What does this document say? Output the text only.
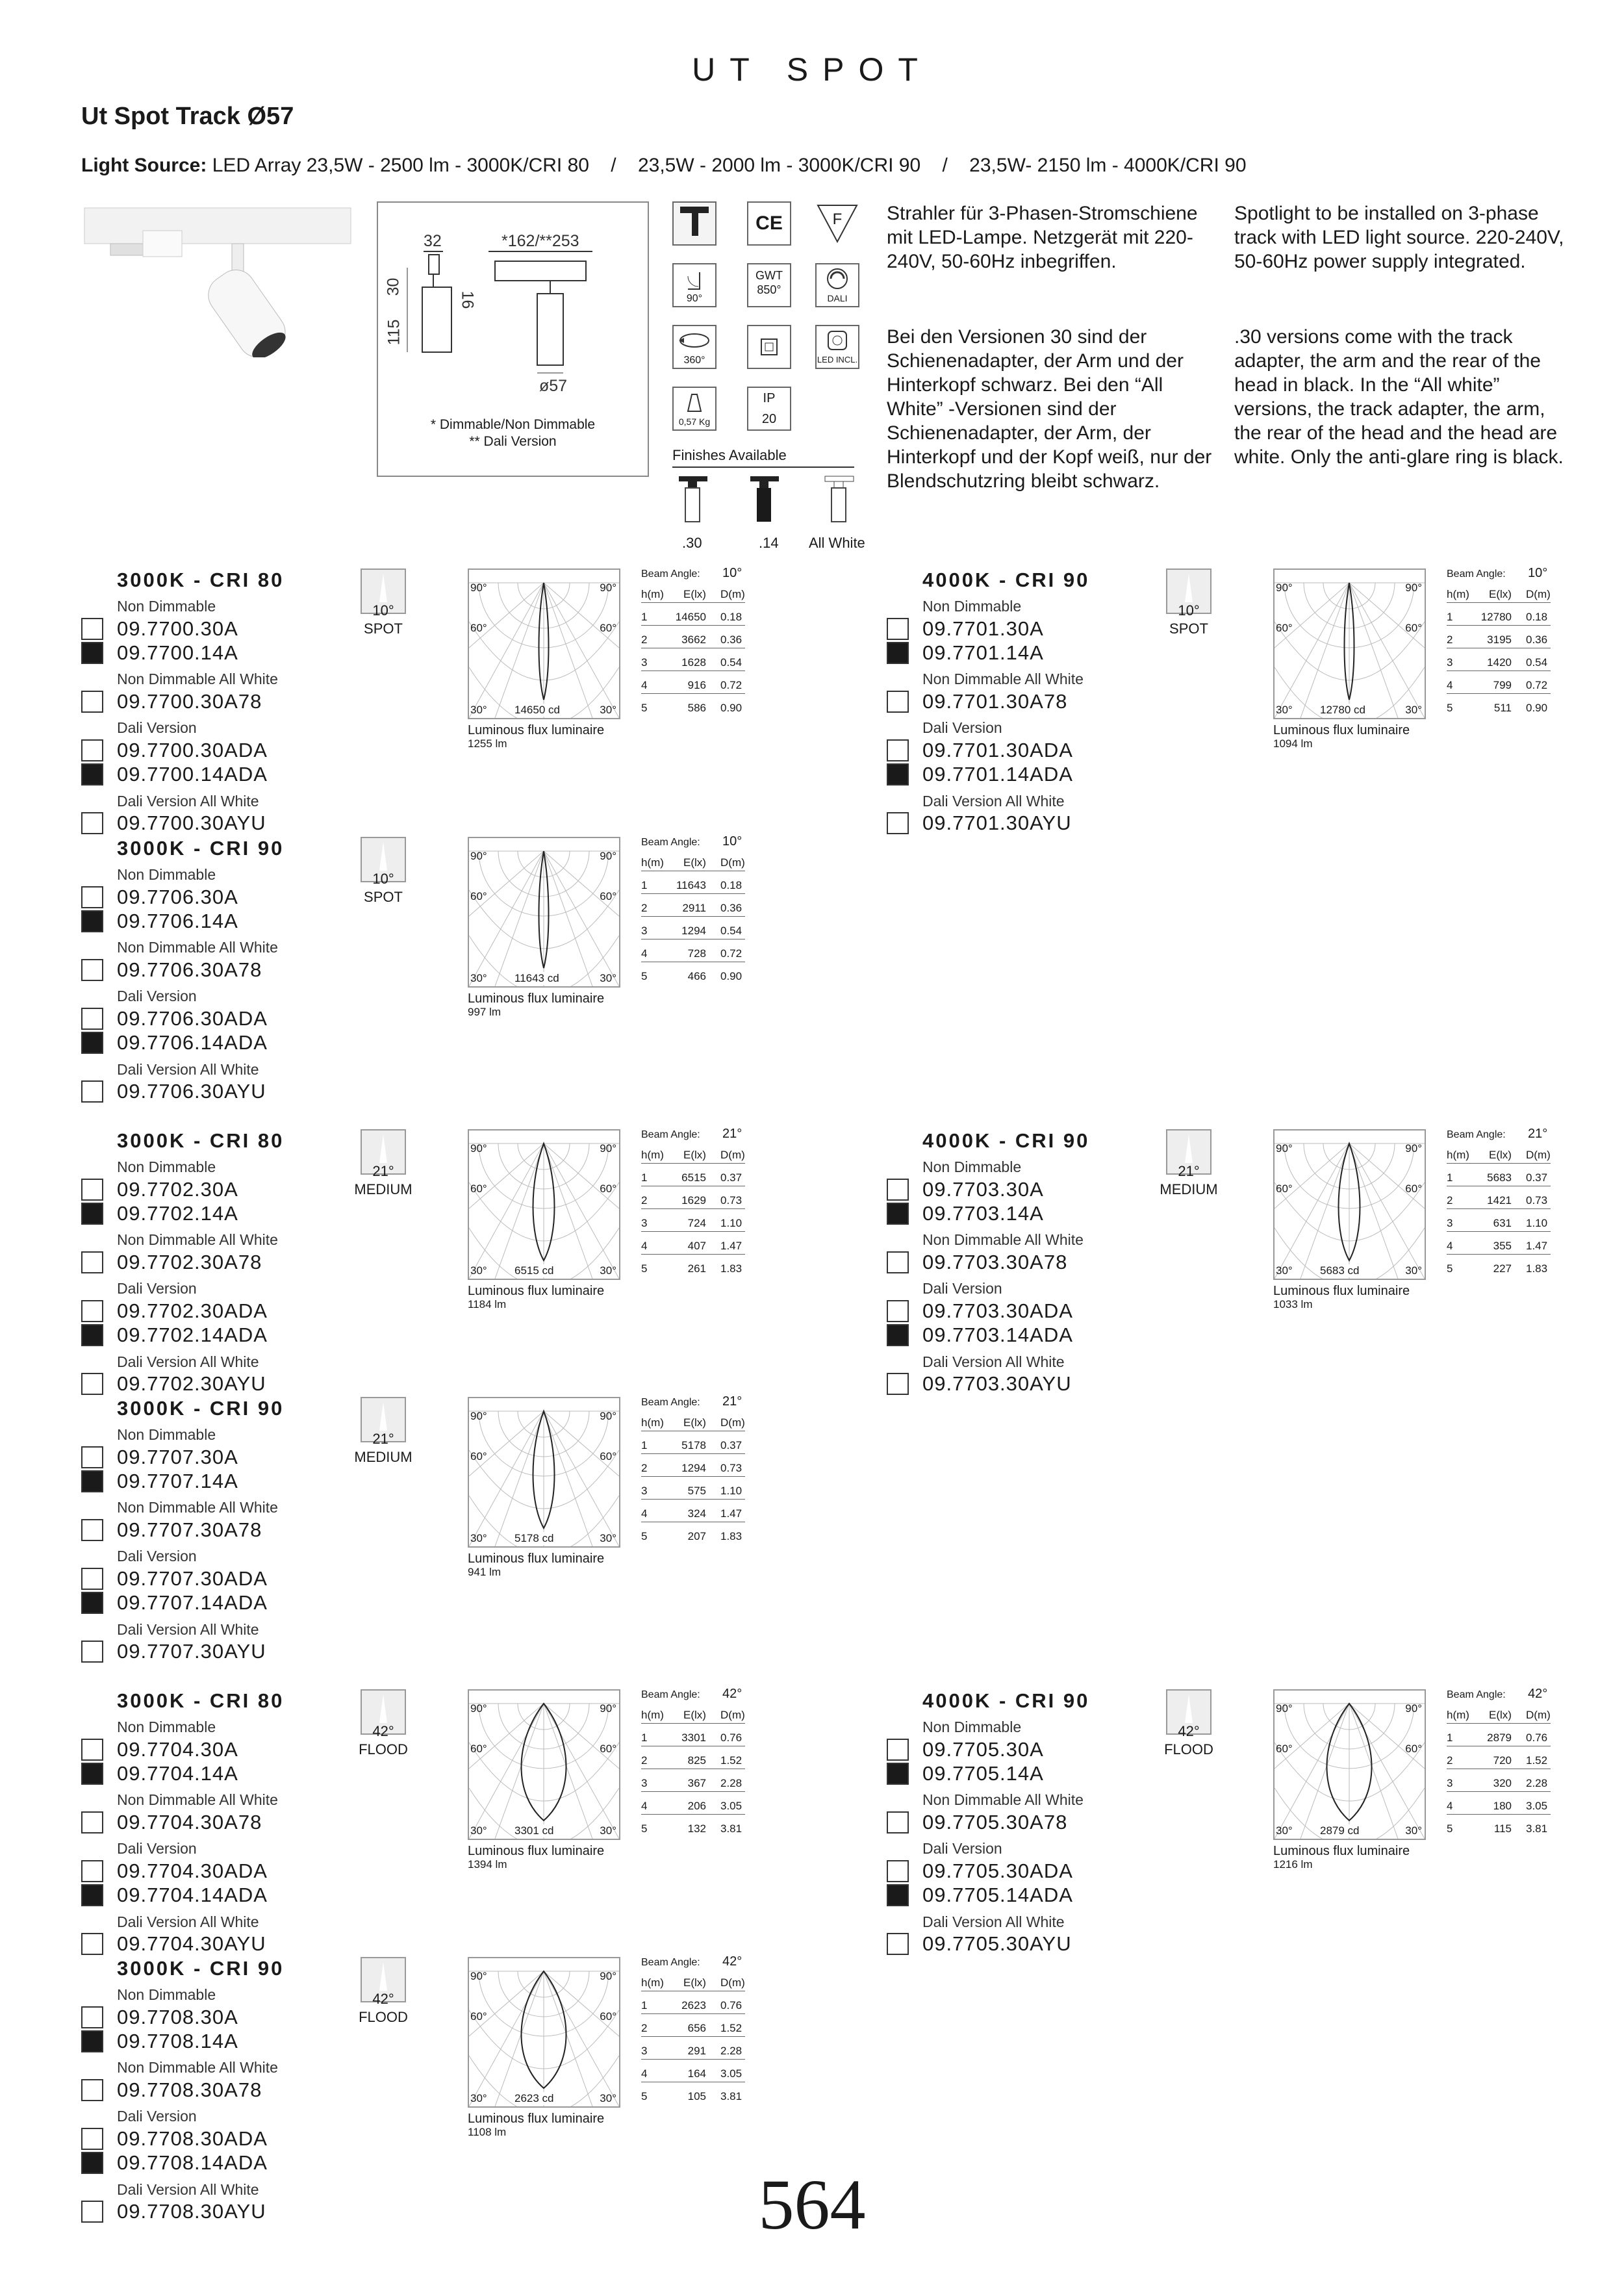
UT SPOT
Ut Spot Track Ø57
Light Source: LED Array 23,5W - 2500 lm - 3000K/CRI 80    /    23,5W - 2000 lm - 3000K/CRI 90    /    23,5W- 2150 lm - 4000K/CRI 90
32	*162/**253
30
115
16
ø57
* Dimmable/Non Dimmable
** Dali Version
CE	F
90°
GWT
850°
DALI
360°	LED INCL.
0,57 Kg
IP
20
Finishes Available
.30	.14 All White
Strahler für 3-Phasen-Stromschiene mit LED-Lampe. Netzgerät mit 220-240V, 50-60Hz inbegriffen.
Bei den Versionen 30 sind der Schienenadapter, der Arm und der Hinterkopf schwarz. Bei den “All White” -Versionen sind der Schienenadapter, der Arm, der Hinterkopf und der Kopf weiß, nur der Blendschutzring bleibt schwarz.
Spotlight to be installed on 3-phase track with LED light source. 220-240V, 50-60Hz power supply integrated.
.30 versions come with the track adapter, the arm and the rear of the head in black. In the “All white” versions, the track adapter, the arm, the rear of the head and the head are white. Only the anti-glare ring is black.
3000K - CRI 80
Non Dimmable
Non Dimmable All White
Dali Version
Dali Version All White
09.7700.30A
09.7700.14A
09.7700.30A78
09.7700.30ADA
09.7700.14ADA
09.7700.30AYU
10°
SPOT
90°	90°
60°	60°
30°	30°
14650 cd
Luminous flux luminaire
1255 lm
Beam Angle: 10°
h(m) E(lx) D(m)
1	14650 0.18
2	3662 0.36
3	1628 0.54
4	916 0.72
5	586 0.90
4000K - CRI 90
Non Dimmable
Non Dimmable All White
Dali Version
Dali Version All White
09.7701.30A
09.7701.14A
09.7701.30A78
09.7701.30ADA
09.7701.14ADA
09.7701.30AYU
10°
SPOT
90°	90°
60°	60°
30°	30°
12780 cd
Luminous flux luminaire
1094 lm
Beam Angle: 10°
h(m) E(lx) D(m)
1	12780 0.18
2	3195 0.36
3	1420 0.54
4	799 0.72
5	511 0.90
3000K - CRI 90
Non Dimmable
Non Dimmable All White
Dali Version
Dali Version All White
09.7706.30A
09.7706.14A
09.7706.30A78
09.7706.30ADA
09.7706.14ADA
09.7706.30AYU
10°
SPOT
90°	90°
60°	60°
30°	30°
11643 cd
Luminous flux luminaire
997 lm
Beam Angle: 10°
h(m) E(lx) D(m)
1	11643 0.18
2	2911 0.36
3	1294 0.54
4	728 0.72
5	466 0.90
3000K - CRI 80
Non Dimmable
Non Dimmable All White
Dali Version
Dali Version All White
09.7702.30A
09.7702.14A
09.7702.30A78
09.7702.30ADA
09.7702.14ADA
09.7702.30AYU
21°
MEDIUM
90°	90°
60°	60°
30°	30°
6515 cd
Luminous flux luminaire
1184 lm
Beam Angle: 21°
h(m) E(lx) D(m)
1	6515 0.37
2	1629 0.73
3	724 1.10
4	407 1.47
5	261 1.83
4000K - CRI 90
Non Dimmable
Non Dimmable All White
Dali Version
Dali Version All White
09.7703.30A
09.7703.14A
09.7703.30A78
09.7703.30ADA
09.7703.14ADA
09.7703.30AYU
21°
MEDIUM
90°	90°
60°	60°
30°	30°
5683 cd
Luminous flux luminaire
1033 lm
Beam Angle: 21°
h(m) E(lx) D(m)
1	5683 0.37
2	1421 0.73
3	631 1.10
4	355 1.47
5	227 1.83
3000K - CRI 90
Non Dimmable
Non Dimmable All White
Dali Version
Dali Version All White
09.7707.30A
09.7707.14A
09.7707.30A78
09.7707.30ADA
09.7707.14ADA
09.7707.30AYU
21°
MEDIUM
90°	90°
60°	60°
30°	30°
5178 cd
Luminous flux luminaire
941 lm
Beam Angle: 21°
h(m) E(lx) D(m)
1	5178 0.37
2	1294 0.73
3	575 1.10
4	324 1.47
5	207 1.83
3000K - CRI 80
Non Dimmable
Non Dimmable All White
Dali Version
Dali Version All White
09.7704.30A
09.7704.14A
09.7704.30A78
09.7704.30ADA
09.7704.14ADA
09.7704.30AYU
42°
FLOOD
90°	90°
60°	60°
30°	30°
3301 cd
Luminous flux luminaire
1394 lm
Beam Angle: 42°
h(m) E(lx) D(m)
1	3301 0.76
2	825 1.52
3	367 2.28
4	206 3.05
5	132 3.81
4000K - CRI 90
Non Dimmable
Non Dimmable All White
Dali Version
Dali Version All White
09.7705.30A
09.7705.14A
09.7705.30A78
09.7705.30ADA
09.7705.14ADA
09.7705.30AYU
42°
FLOOD
90°	90°
60°	60°
30°	30°
2879 cd
Luminous flux luminaire
1216 lm
Beam Angle: 42°
h(m) E(lx) D(m)
1	2879 0.76
2	720 1.52
3	320 2.28
4	180 3.05
5	115 3.81
3000K - CRI 90
Non Dimmable
Non Dimmable All White
Dali Version
Dali Version All White
09.7708.30A
09.7708.14A
09.7708.30A78
09.7708.30ADA
09.7708.14ADA
09.7708.30AYU
42°
FLOOD
90°	90°
60°	60°
30°	30°
2623 cd
Luminous flux luminaire
1108 lm
Beam Angle: 42°
h(m) E(lx) D(m)
1	2623 0.76
2	656 1.52
3	291 2.28
4	164 3.05
5	105 3.81
564
